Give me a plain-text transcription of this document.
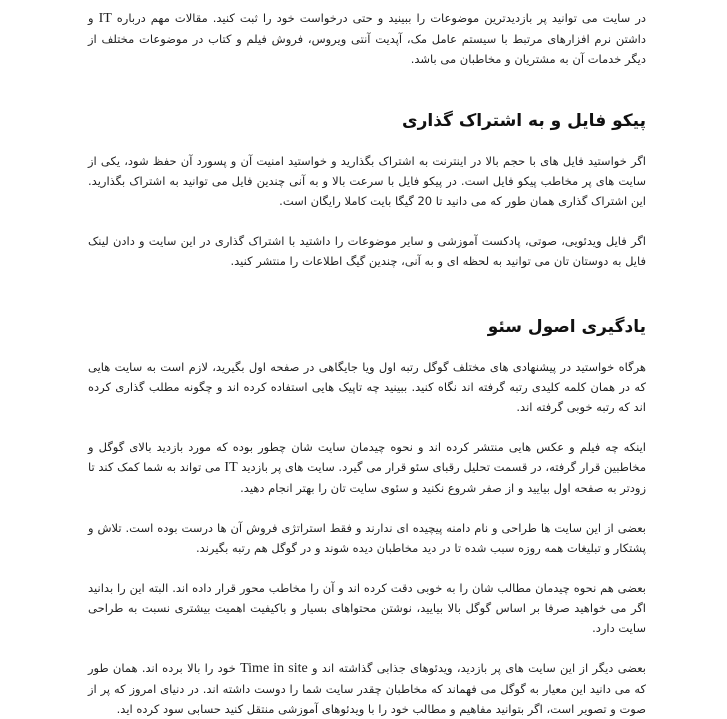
در سایت می توانید پر بازدیدترین موضوعات را ببینید و حتی درخواست خود را ثبت کنید. مقالات مهم درباره IT و داشتن نرم افزارهای مرتبط با سیستم عامل مک، آپدیت آنتی ویروس، فروش فیلم و کتاب در موضوعات مختلف از دیگر خدمات آن به مشتریان و مخاطبان می باشد.

پیکو فایل و به اشتراک گذاری

اگر خواستید فایل های با حجم بالا در اینترنت به اشتراک بگذارید و خواستید امنیت آن و پسورد آن حفظ شود، یکی از سایت های پر مخاطب پیکو فایل است. در پیکو فایل با سرعت بالا و به آنی چندین فایل می توانید به اشتراک بگذارید. این اشتراک گذاری همان طور که می دانید تا 20 گیگا بایت کاملا رایگان است.

اگر فایل ویدئویی، صوتی، پادکست آموزشی و سایر موضوعات را داشتید با اشتراک گذاری در این سایت و دادن لینک فایل به دوستان تان می توانید به لحظه ای و به آنی، چندین گیگ اطلاعات را منتشر کنید.

یادگیری اصول سئو

هرگاه خواستید در پیشنهادی های مختلف گوگل رتبه اول ویا جایگاهی در صفحه اول بگیرید، لازم است به سایت هایی که در همان کلمه کلیدی رتبه گرفته اند نگاه کنید. ببینید چه تاپیک هایی استفاده کرده اند و چگونه مطلب گذاری کرده اند که رتبه خوبی گرفته اند.

اینکه چه فیلم و عکس هایی منتشر کرده اند و نحوه چیدمان سایت شان چطور بوده که مورد بازدید بالای گوگل و مخاطبین قرار گرفته، در قسمت تحلیل رقبای سئو قرار می گیرد. سایت های پر بازدید IT می تواند به شما کمک کند تا زودتر به صفحه اول بیایید و از صفر شروع نکنید و سئوی سایت تان را بهتر انجام دهید.

بعضی از این سایت ها طراحی و نام دامنه پیچیده ای ندارند و فقط استراتژی فروش آن ها درست بوده است. تلاش و پشتکار و تبلیغات همه روزه سبب شده تا در دید مخاطبان دیده شوند و در گوگل هم رتبه بگیرند.

بعضی هم نحوه چیدمان مطالب شان را به خوبی دقت کرده اند و آن را مخاطب محور قرار داده اند. البته این را بدانید اگر می خواهید صرفا بر اساس گوگل بالا بیایید، نوشتن محتواهای بسیار و باکیفیت اهمیت بیشتری نسبت به طراحی سایت دارد.

بعضی دیگر از این سایت های پر بازدید، ویدئوهای جذابی گذاشته اند و Time in site خود را بالا برده اند. همان طور که می دانید این معیار به گوگل می فهماند که مخاطبان چقدر سایت شما را دوست داشته اند. در دنیای امروز که پر از صوت و تصویر است، اگر بتوانید مفاهیم و مطالب خود را با ویدئوهای آموزشی منتقل کنید حسابی سود کرده اید.
